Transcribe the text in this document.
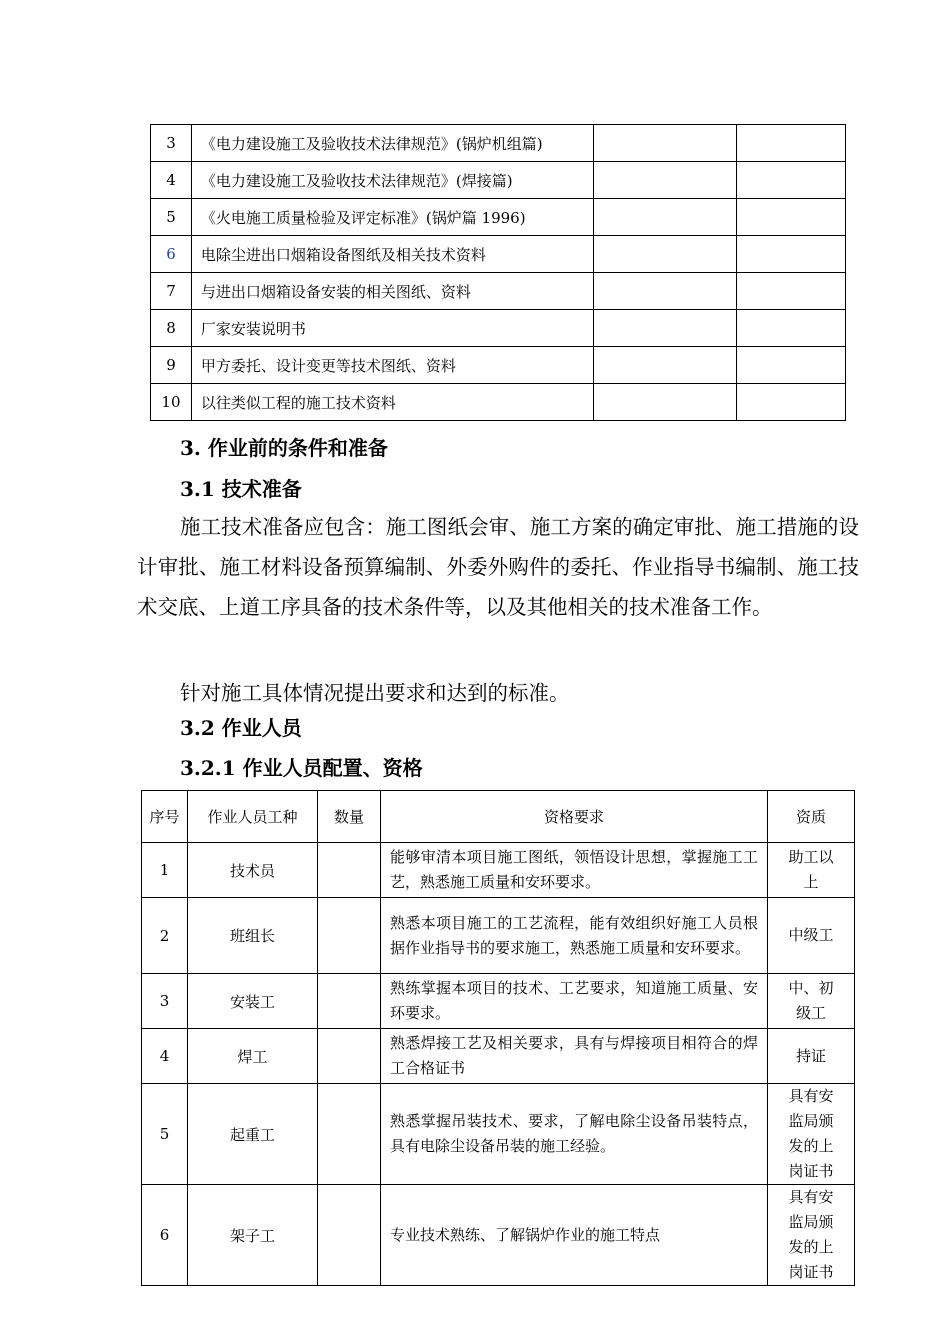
3	《电力建设施工及验收技术法律规范》(锅炉机组篇)		
4	《电力建设施工及验收技术法律规范》(焊接篇)		
5	《火电施工质量检验及评定标准》(锅炉篇 1996)		
6	电除尘进出口烟箱设备图纸及相关技术资料		
7	与进出口烟箱设备安装的相关图纸、资料		
8	厂家安装说明书		
9	甲方委托、设计变更等技术图纸、资料		
10	以往类似工程的施工技术资料		
3. 作业前的条件和准备
3.1 技术准备
施工技术准备应包含：施工图纸会审、施工方案的确定审批、施工措施的设计审批、施工材料设备预算编制、外委外购件的委托、作业指导书编制、施工技术交底、上道工序具备的技术条件等，以及其他相关的技术准备工作。
针对施工具体情况提出要求和达到的标准。
3.2 作业人员
3.2.1 作业人员配置、资格
序号	作业人员工种	数量	资格要求	资质
1	技术员		能够审清本项目施工图纸，领悟设计思想，掌握施工工艺，熟悉施工质量和安环要求。	助工以上
2	班组长		熟悉本项目施工的工艺流程，能有效组织好施工人员根据作业指导书的要求施工，熟悉施工质量和安环要求。	中级工
3	安装工		熟练掌握本项目的技术、工艺要求，知道施工质量、安环要求。	中、初级工
4	焊工		熟悉焊接工艺及相关要求，具有与焊接项目相符合的焊工合格证书	持证
5	起重工		熟悉掌握吊装技术、要求，了解电除尘设备吊装特点，具有电除尘设备吊装的施工经验。	具有安监局颁发的上岗证书
6	架子工		专业技术熟练、了解锅炉作业的施工特点	具有安监局颁发的上岗证书
